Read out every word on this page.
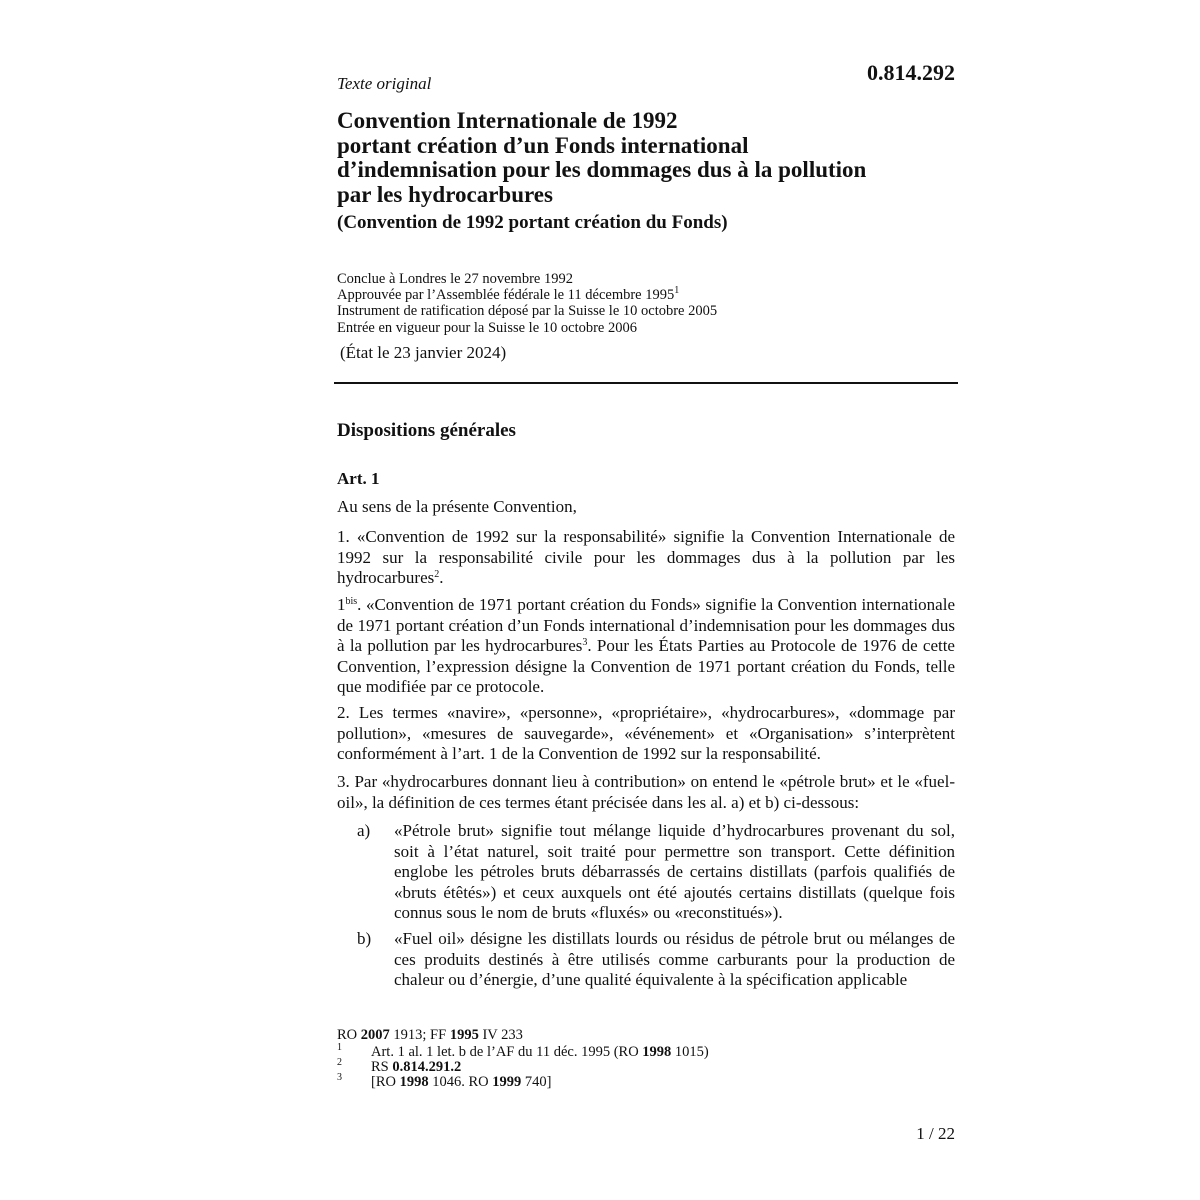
Texte original	0.814.292
Convention Internationale de 1992
portant création d’un Fonds international
d’indemnisation pour les dommages dus à la pollution
par les hydrocarbures
(Convention de 1992 portant création du Fonds)
Conclue à Londres le 27 novembre 1992
Approuvée par l’Assemblée fédérale le 11 décembre 1995$^1$
Instrument de ratification déposé par la Suisse le 10 octobre 2005
Entrée en vigueur pour la Suisse le 10 octobre 2006
(État le 23 janvier 2024)
Dispositions générales
Art. 1
Au sens de la présente Convention,
1. «Convention de 1992 sur la responsabilité» signifie la Convention Internationale de 1992 sur la responsabilité civile pour les dommages dus à la pollution par les hydrocarbures$^2$.
$1^{bis}$. «Convention de 1971 portant création du Fonds» signifie la Convention internationale de 1971 portant création d’un Fonds international d’indemnisation pour les dommages dus à la pollution par les hydrocarbures$^3$. Pour les États Parties au Protocole de 1976 de cette Convention, l’expression désigne la Convention de 1971 portant création du Fonds, telle que modifiée par ce protocole.
2. Les termes «navire», «personne», «propriétaire», «hydrocarbures», «dommage par pollution», «mesures de sauvegarde», «événement» et «Organisation» s’interprètent conformément à l’art. 1 de la Convention de 1992 sur la responsabilité.
3. Par «hydrocarbures donnant lieu à contribution» on entend le «pétrole brut» et le «fuel-oil», la définition de ces termes étant précisée dans les al. a) et b) ci-dessous:
a) «Pétrole brut» signifie tout mélange liquide d’hydrocarbures provenant du sol, soit à l’état naturel, soit traité pour permettre son transport. Cette définition englobe les pétroles bruts débarrassés de certains distillats (parfois qualifiés de «bruts étêtés») et ceux auxquels ont été ajoutés certains distillats (quelque fois connus sous le nom de bruts «fluxés» ou «reconstitués»).
b) «Fuel oil» désigne les distillats lourds ou résidus de pétrole brut ou mélanges de ces produits destinés à être utilisés comme carburants pour la production de chaleur ou d’énergie, d’une qualité équivalente à la spécification applicable
RO 2007 1913; FF 1995 IV 233
1 Art. 1 al. 1 let. b de l’AF du 11 déc. 1995 (RO 1998 1015)
2 RS 0.814.291.2
3 [RO 1998 1046. RO 1999 740]
1 / 22
